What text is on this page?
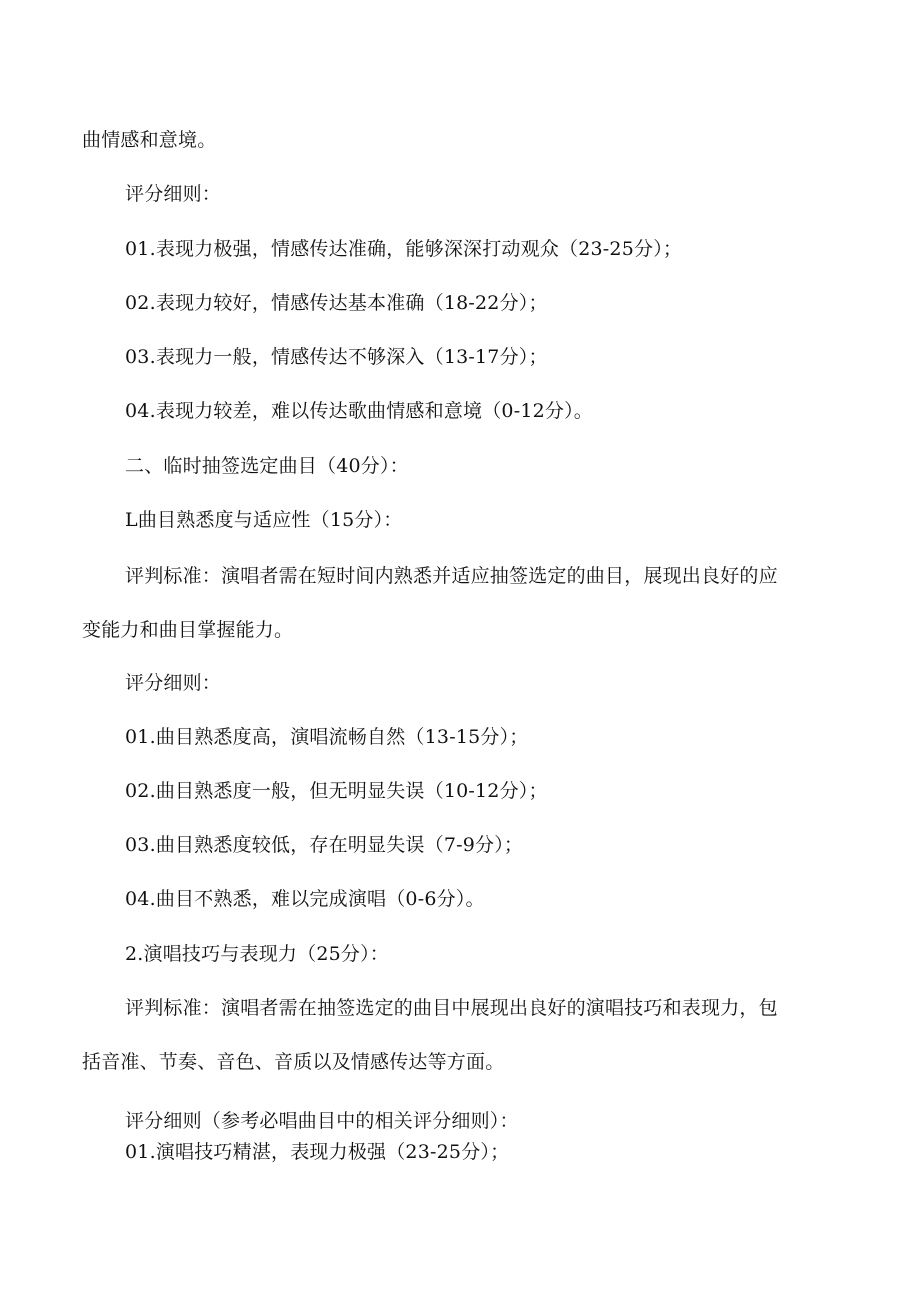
曲情感和意境。
评分细则：
01.表现力极强，情感传达准确，能够深深打动观众（23-25分）；
02.表现力较好，情感传达基本准确（18-22分）；
03.表现力一般，情感传达不够深入（13-17分）；
04.表现力较差，难以传达歌曲情感和意境（0-12分）。
二、临时抽签选定曲目（40分）：
L曲目熟悉度与适应性（15分）：
评判标准：演唱者需在短时间内熟悉并适应抽签选定的曲目，展现出良好的应
变能力和曲目掌握能力。
评分细则：
01.曲目熟悉度高，演唱流畅自然（13-15分）；
02.曲目熟悉度一般，但无明显失误（10-12分）；
03.曲目熟悉度较低，存在明显失误（7-9分）；
04.曲目不熟悉，难以完成演唱（0-6分）。
2.演唱技巧与表现力（25分）：
评判标准：演唱者需在抽签选定的曲目中展现出良好的演唱技巧和表现力，包
括音准、节奏、音色、音质以及情感传达等方面。
评分细则（参考必唱曲目中的相关评分细则）：
01.演唱技巧精湛，表现力极强（23-25分）；
